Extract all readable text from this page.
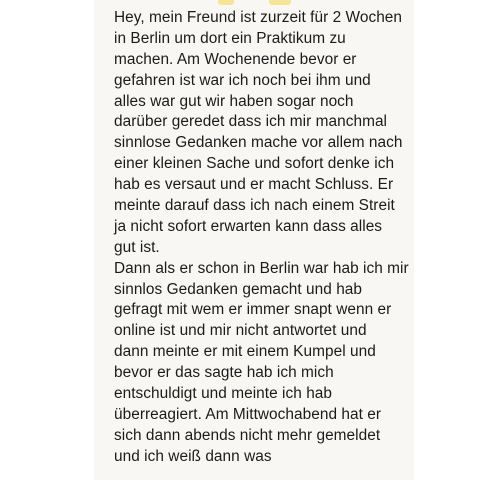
Hey, mein Freund ist zurzeit für 2 Wochen
in Berlin um dort ein Praktikum zu
machen. Am Wochenende bevor er
gefahren ist war ich noch bei ihm und
alles war gut wir haben sogar noch
darüber geredet dass ich mir manchmal
sinnlose Gedanken mache vor allem nach
einer kleinen Sache und sofort denke ich
hab es versaut und er macht Schluss. Er
meinte darauf dass ich nach einem Streit
ja nicht sofort erwarten kann dass alles
gut ist.
Dann als er schon in Berlin war hab ich mir
sinnlos Gedanken gemacht und hab
gefragt mit wem er immer snapt wenn er
online ist und mir nicht antwortet und
dann meinte er mit einem Kumpel und
bevor er das sagte hab ich mich
entschuldigt und meinte ich hab
überreagiert. Am Mittwochabend hat er
sich dann abends nicht mehr gemeldet
und ich weiß dann was
